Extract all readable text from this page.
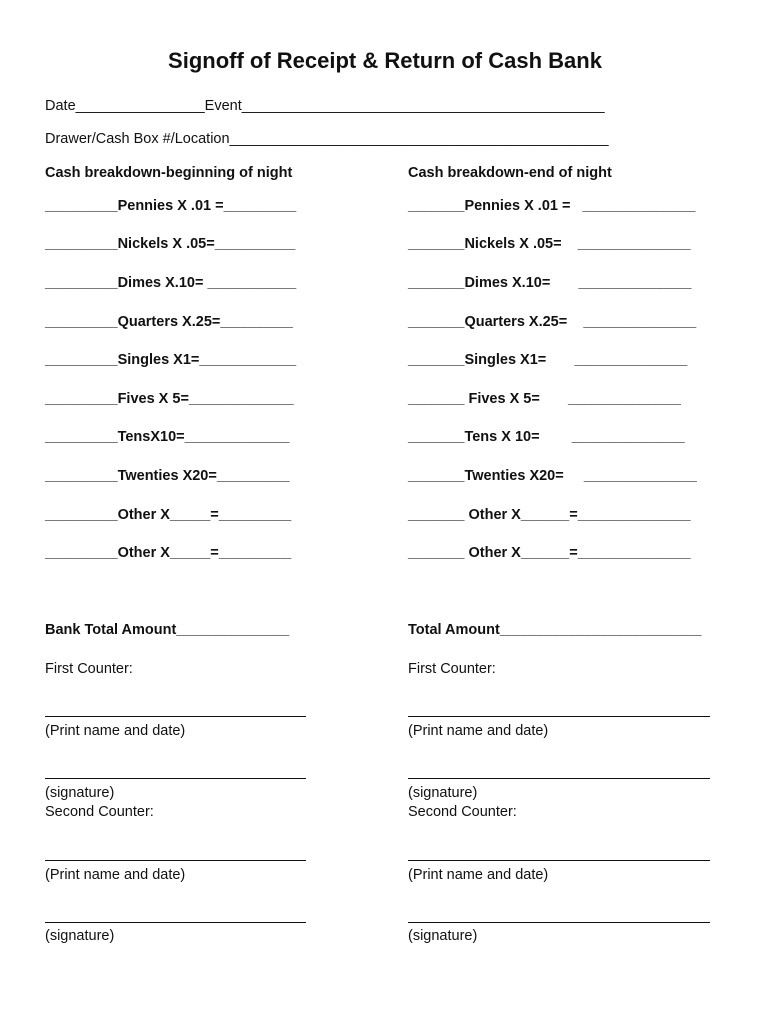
Signoff of Receipt & Return of Cash Bank
Date________________Event_____________________________________________
Drawer/Cash Box #/Location_______________________________________________
Cash breakdown-beginning of night
_________Pennies X .01 =_________
_________Nickels X .05=__________
_________Dimes X.10= ___________
_________Quarters X.25=_________
_________Singles X1=____________
_________Fives X 5=_____________
_________TensX10=_____________
_________Twenties X20=_________
_________Other X_____=_________
_________Other X_____=_________
Bank Total Amount______________
First Counter:
(Print name and date)
(signature)
Second Counter:
(Print name and date)
(signature)
Cash breakdown-end of night
_______Pennies X .01 =   ______________
_______Nickels X .05=    ______________
_______Dimes X.10=       ______________
_______Quarters X.25=    ______________
_______Singles X1=       ______________
_______ Fives X 5=       ______________
_______Tens X 10=        ______________
_______Twenties X20=     ______________
_______ Other X______=______________
_______ Other X______=______________
Total Amount_________________________
First Counter:
(Print name and date)
(signature)
Second Counter:
(Print name and date)
(signature)
